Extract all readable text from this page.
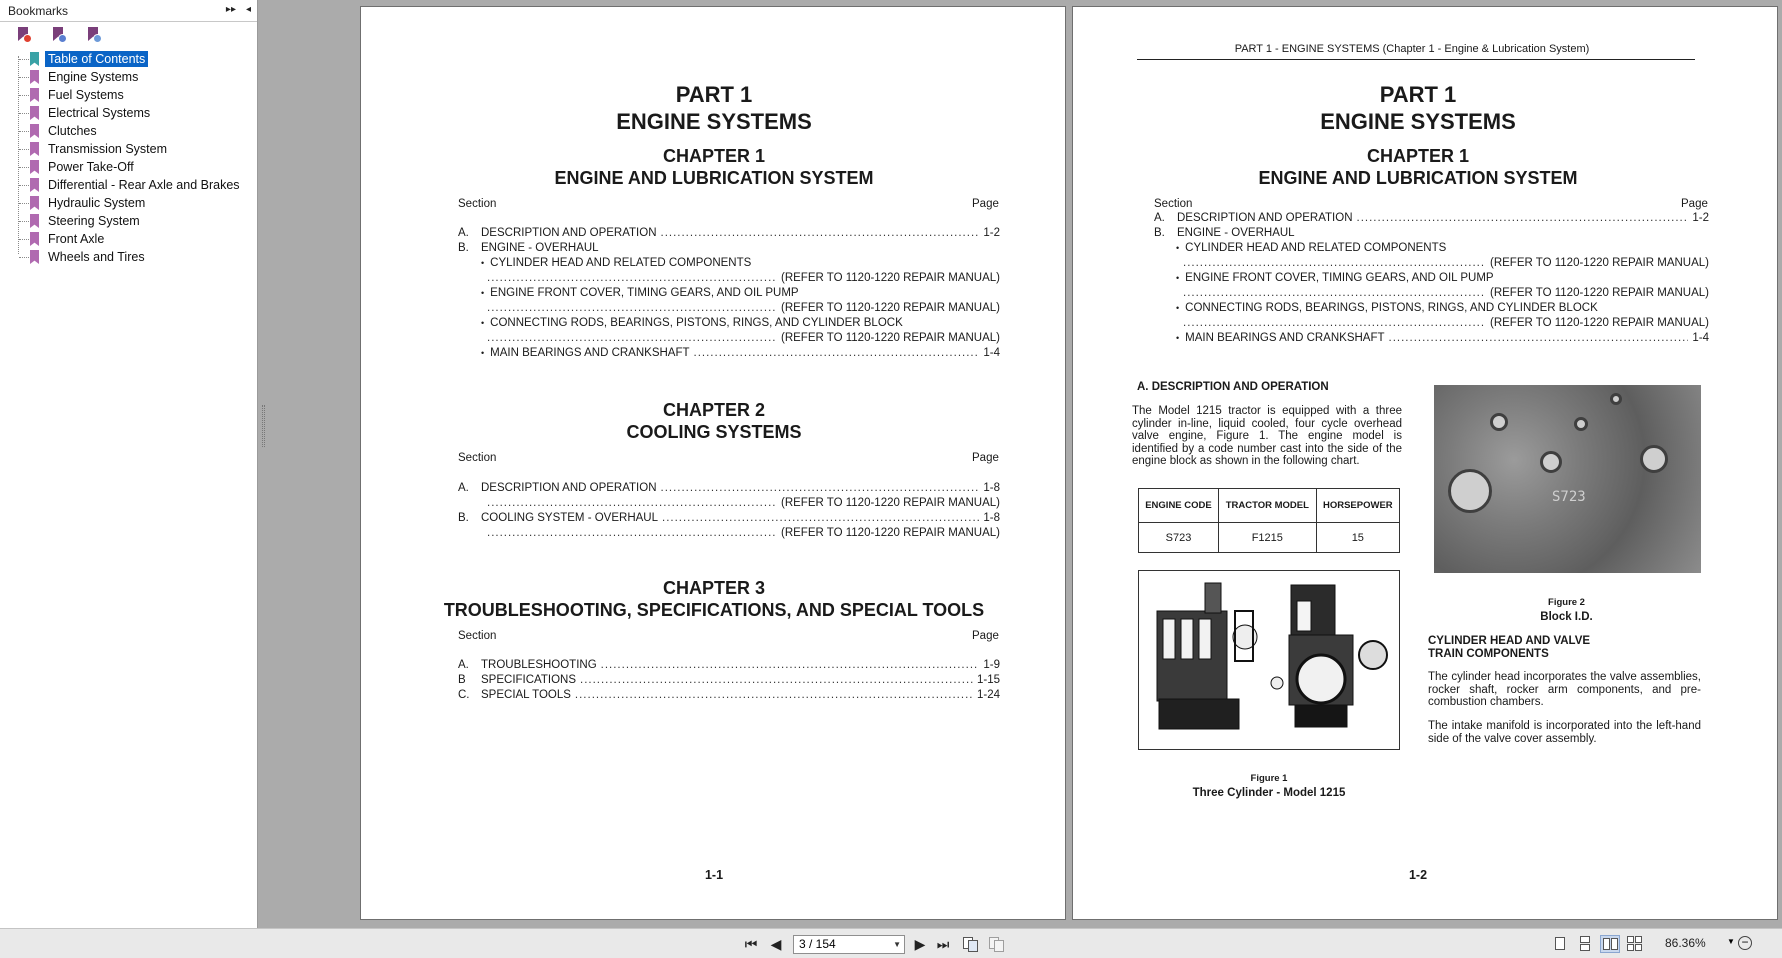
Bookmarks	▸▸ ◂
Table of Contents
Engine Systems
Fuel Systems
Electrical Systems
Clutches
Transmission System
Power Take-Off
Differential - Rear Axle and Brakes
Hydraulic System
Steering System
Front Axle
Wheels and Tires
PART 1
ENGINE SYSTEMS
CHAPTER 1
ENGINE AND LUBRICATION SYSTEM
Section	Page
A.	DESCRIPTION AND OPERATION .....	1-2
B.	ENGINE - OVERHAUL
•
CYLINDER HEAD AND RELATED COMPONENTS
.....
(REFER TO 1120-1220 REPAIR MANUAL)
•
ENGINE FRONT COVER, TIMING GEARS, AND OIL PUMP
.....
(REFER TO 1120-1220 REPAIR MANUAL)
•
CONNECTING RODS, BEARINGS, PISTONS, RINGS, AND CYLINDER BLOCK
.....
(REFER TO 1120-1220 REPAIR MANUAL)
•
MAIN BEARINGS AND CRANKSHAFT .....	1-4
CHAPTER 2
COOLING SYSTEMS
Section	Page
A.	DESCRIPTION AND OPERATION .....	1-8
.....
(REFER TO 1120-1220 REPAIR MANUAL)
B.	COOLING SYSTEM - OVERHAUL .....	1-8
.....
(REFER TO 1120-1220 REPAIR MANUAL)
CHAPTER 3
TROUBLESHOOTING, SPECIFICATIONS, AND SPECIAL TOOLS
Section	Page
A.	TROUBLESHOOTING .....	1-9
B	SPECIFICATIONS .....	1-15
C.	SPECIAL TOOLS .....	1-24
1-1
PART 1 - ENGINE SYSTEMS (Chapter 1 - Engine & Lubrication System)
PART 1
ENGINE SYSTEMS
CHAPTER 1
ENGINE AND LUBRICATION SYSTEM
Section	Page
A.	DESCRIPTION AND OPERATION .....	1-2
B.	ENGINE - OVERHAUL
•
CYLINDER HEAD AND RELATED COMPONENTS
.....
(REFER TO 1120-1220 REPAIR MANUAL)
•
ENGINE FRONT COVER, TIMING GEARS, AND OIL PUMP
.....
(REFER TO 1120-1220 REPAIR MANUAL)
•
CONNECTING RODS, BEARINGS, PISTONS, RINGS, AND CYLINDER BLOCK
.....
(REFER TO 1120-1220 REPAIR MANUAL)
•
MAIN BEARINGS AND CRANKSHAFT .....	1-4
A. DESCRIPTION AND OPERATION
The Model 1215 tractor is equipped with a three cylinder in-line, liquid cooled, four cycle overhead valve engine, Figure 1. The engine model is identified by a code number cast into the side of the engine block as shown in the following chart.
ENGINE CODE	TRACTOR MODEL	HORSEPOWER
S723	F1215	15
Figure 1
Three Cylinder - Model 1215
S723
Figure 2
Block I.D.
CYLINDER HEAD AND VALVE
TRAIN COMPONENTS
The cylinder head incorporates the valve assemblies, rocker shaft, rocker arm components, and pre-combustion chambers.
The intake manifold is incorporated into the left-hand side of the valve cover assembly.
1-2
⏮ ◀	3 / 154	▼ ▶ ⏭	86.36%	▼ −
